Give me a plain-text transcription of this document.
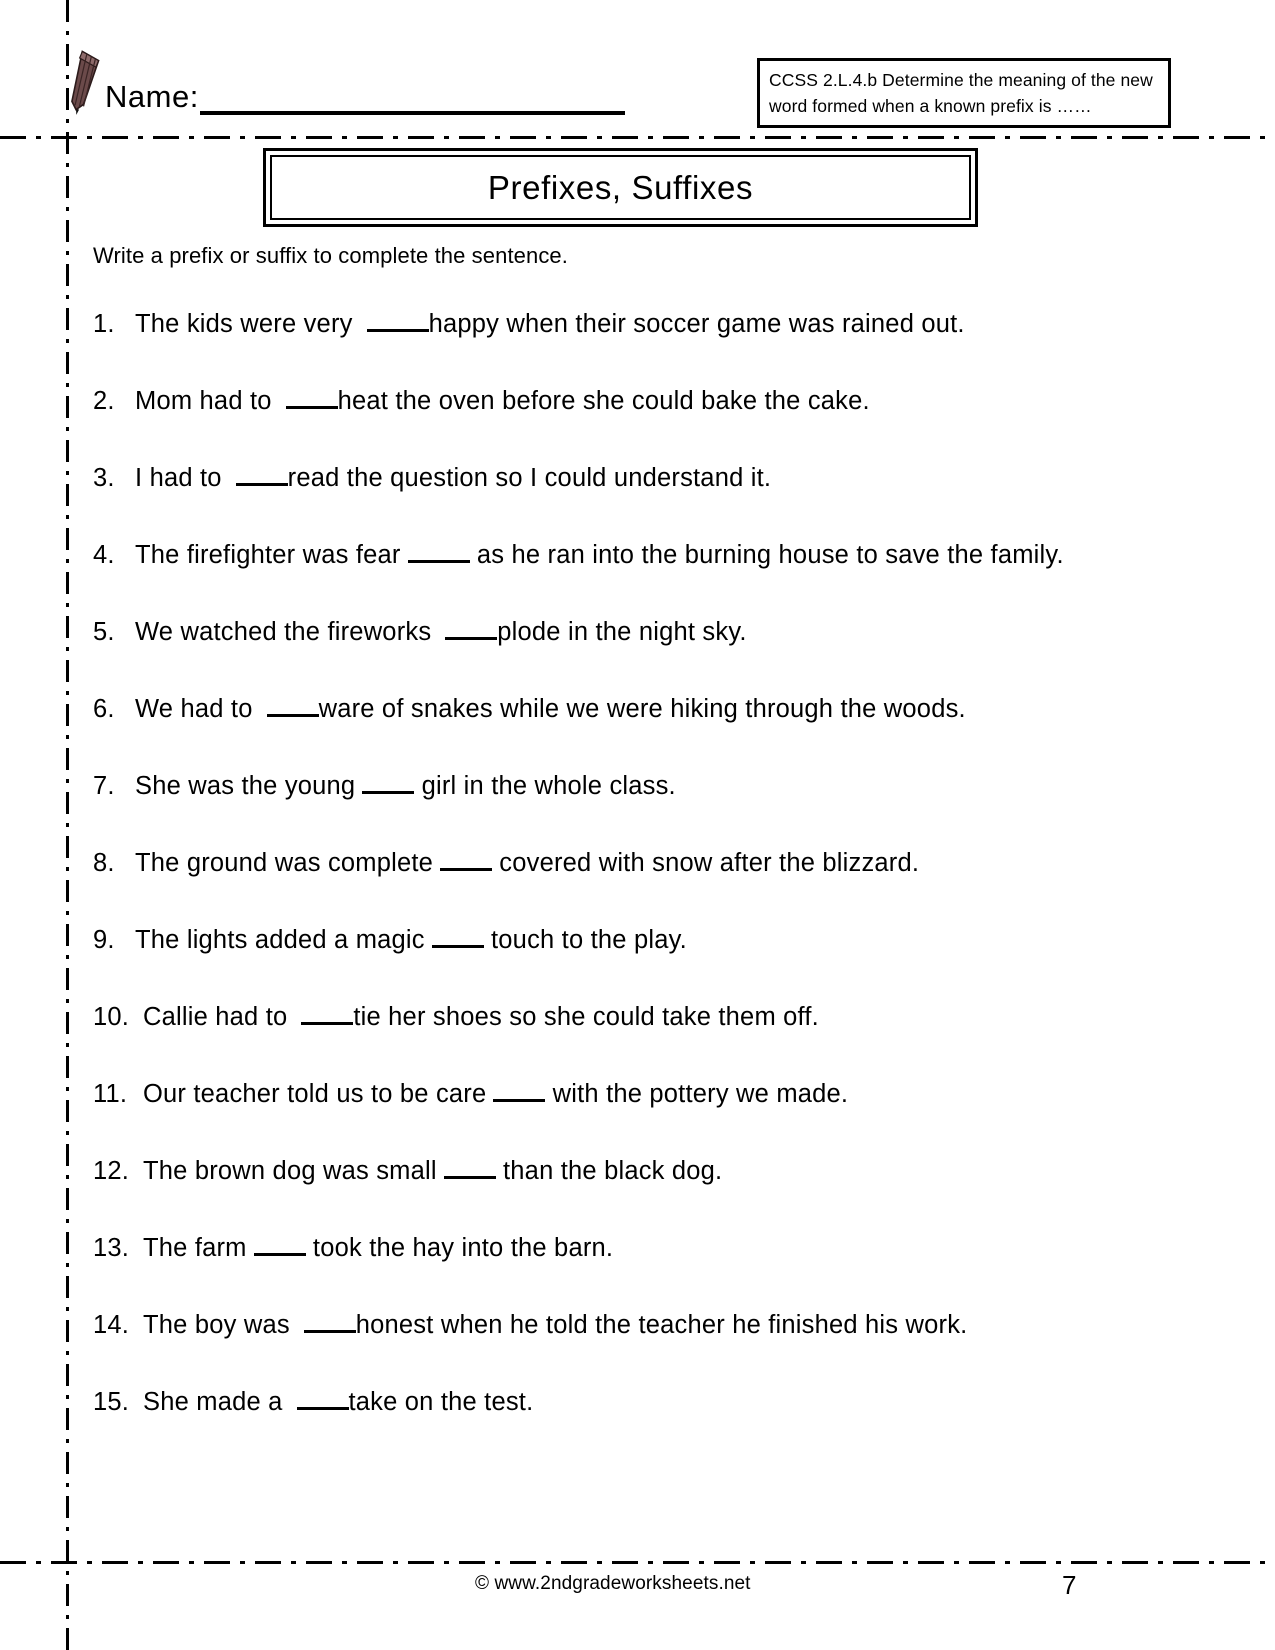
Name:	CCSS 2.L.4.b Determine the meaning of the new word formed when a known prefix is ……
Prefixes, Suffixes
Write a prefix or suffix to complete the sentence.
1. The kids were very	happy when their soccer game was rained out.
2. Mom had to	heat the oven before she could bake the cake.
3. I had to	read the question so I could understand it.
4. The firefighter was fear	as he ran into the burning house to save the family.
5. We watched the fireworks	plode in the night sky.
6. We had to	ware of snakes while we were hiking through the woods.
7. She was the young girl in the whole class.
8. The ground was complete covered with snow after the blizzard.
9. The lights added a magic touch to the play.
10. Callie had to	tie her shoes so she could take them off.
11. Our teacher told us to be care with the pottery we made.
12. The brown dog was small than the black dog.
13. The farm took the hay into the barn.
14. The boy was	honest when he told the teacher he finished his work.
15. She made a	take on the test.
© www.2ndgradeworksheets.net	7
